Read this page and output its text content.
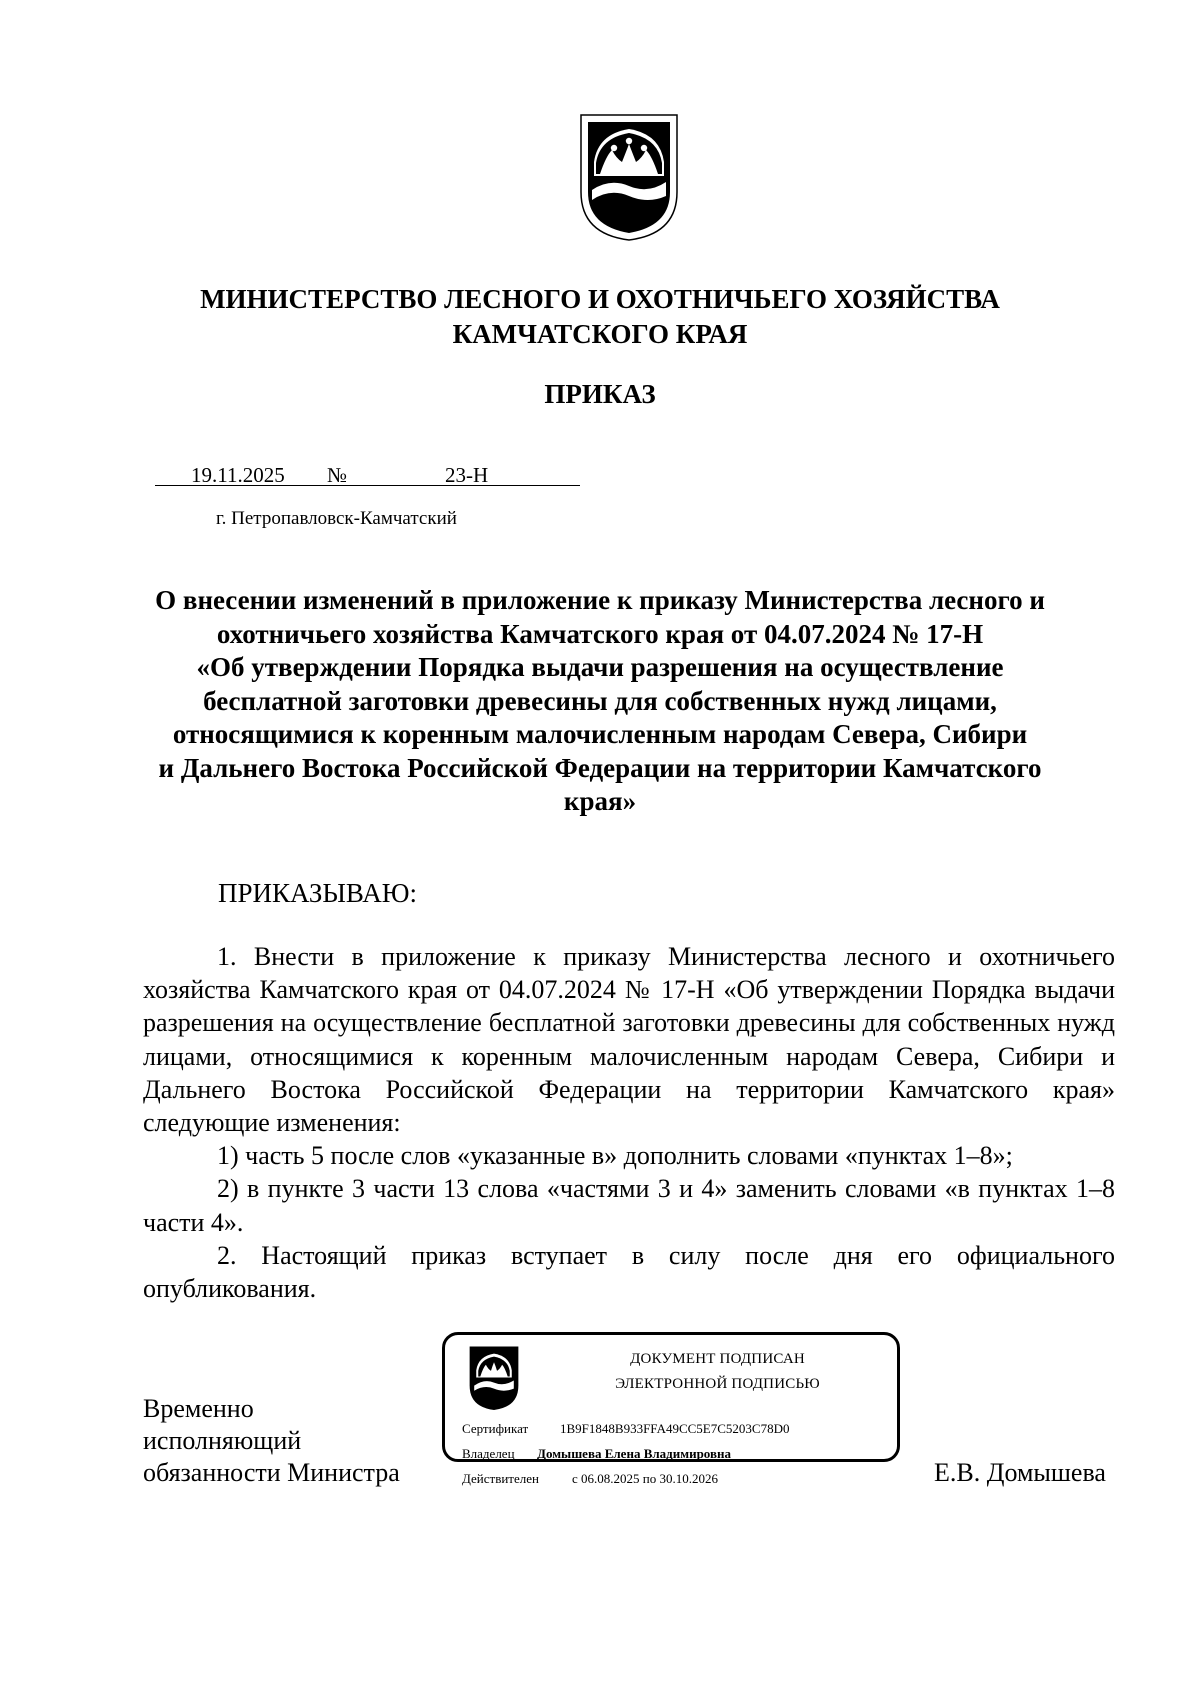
МИНИСТЕРСТВО ЛЕСНОГО И ОХОТНИЧЬЕГО ХОЗЯЙСТВА
КАМЧАТСКОГО КРАЯ
ПРИКАЗ
19.11.2025 №	23-Н
г. Петропавловск-Камчатский
О внесении изменений в приложение к приказу Министерства лесного и
охотничьего хозяйства Камчатского края от 04.07.2024 № 17-Н
«Об утверждении Порядка выдачи разрешения на осуществление
бесплатной заготовки древесины для собственных нужд лицами,
относящимися к коренным малочисленным народам Севера, Сибири
и Дальнего Востока Российской Федерации на территории Камчатского
края»
ПРИКАЗЫВАЮ:

1. Внести в приложение к приказу Министерства лесного и охотничьего хозяйства Камчатского края от 04.07.2024 № 17-Н «Об утверждении Порядка выдачи разрешения на осуществление бесплатной заготовки древесины для собственных нужд лицами, относящимися к коренным малочисленным народам Севера, Сибири и Дальнего Востока Российской Федерации на территории Камчатского края» следующие изменения:

1) часть 5 после слов «указанные в» дополнить словами «пунктах 1–8»;

2) в пункте 3 части 13 слова «частями 3 и 4» заменить словами «в пунктах 1–8 части 4».

2. Настоящий приказ вступает в силу после дня его официального опубликования.

Временно
исполняющий
обязанности Министра
ДОКУМЕНТ ПОДПИСАН
ЭЛЕКТРОННОЙ ПОДПИСЬЮ
Сертификат 1B9F1848B933FFA49CC5E7C5203C78D0
Владелец Домышева Елена Владимировна
Действителен	с 06.08.2025 по 30.10.2026	Е.В. Домышева
